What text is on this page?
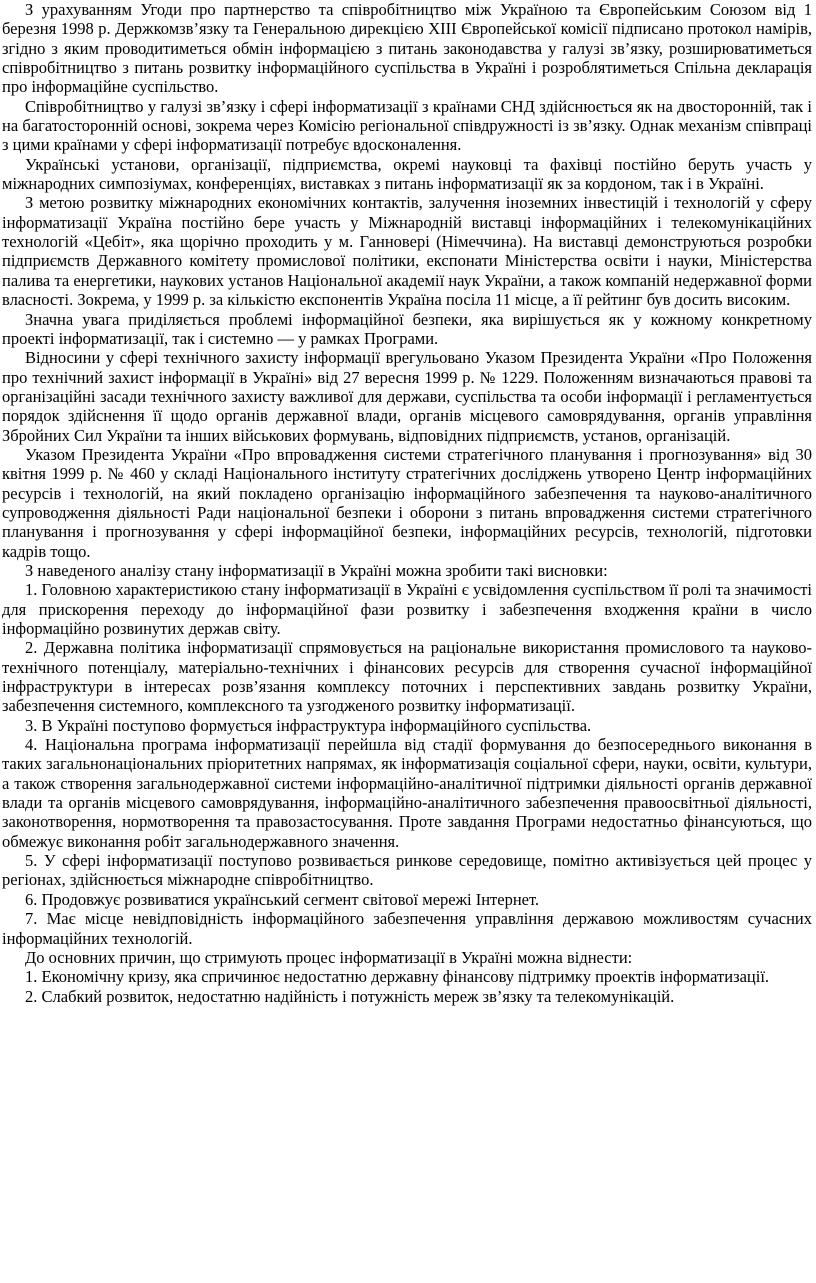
З урахуванням Угоди про партнерство та співробітництво між Україною та Європейським Союзом від 1 березня 1998 р. Держкомзв’язку та Генеральною дирекцією XIII Європейської комісії підписано протокол намірів, згідно з яким проводитиметься обмін інформацією з питань законодавства у галузі зв’язку, розширюватиметься співробітництво з питань розвитку інформаційного суспільства в Україні і розроблятиметься Спільна декларація про інформаційне суспільство.

Співробітництво у галузі зв’язку і сфері інформатизації з країнами СНД здійснюється як на двосторонній, так і на багатосторонній основі, зокрема через Комісію регіональної співдружності із зв’язку. Однак механізм співпраці з цими країнами у сфері інформатизації потребує вдосконалення.

Українські установи, організації, підприємства, окремі науковці та фахівці постійно беруть участь у міжнародних симпозіумах, конференціях, виставках з питань інформатизації як за кордоном, так і в Україні.

З метою розвитку міжнародних економічних контактів, залучення іноземних інвестицій і технологій у сферу інформатизації Україна постійно бере участь у Міжнародній виставці інформаційних і телекомунікаційних технологій «Цебіт», яка щорічно проходить у м. Ганновері (Німеччина). На виставці демонструються розробки підприємств Державного комітету промислової політики, експонати Міністерства освіти і науки, Міністерства палива та енергетики, наукових установ Національної академії наук України, а також компаній недержавної форми власності. Зокрема, у 1999 р. за кількістю експонентів Україна посіла 11 місце, а її рейтинг був досить високим.

Значна увага приділяється проблемі інформаційної безпеки, яка вирішується як у кожному конкретному проекті інформатизації, так і системно — у рамках Програми.

Відносини у сфері технічного захисту інформації врегульовано Указом Президента України «Про Положення про технічний захист інформації в Україні» від 27 вересня 1999 р. № 1229. Положенням визначаються правові та організаційні засади технічного захисту важливої для держави, суспільства та особи інформації і регламентується порядок здійснення її щодо органів державної влади, органів місцевого самоврядування, органів управління Збройних Сил України та інших військових формувань, відповідних підприємств, установ, організацій.

Указом Президента України «Про впровадження системи стратегічного планування і прогнозування» від 30 квітня 1999 р. № 460 у складі Національного інституту стратегічних досліджень утворено Центр інформаційних ресурсів і технологій, на який покладено організацію інформаційного забезпечення та науково-аналітичного супроводження діяльності Ради національної безпеки і оборони з питань впровадження системи стратегічного планування і прогнозування у сфері інформаційної безпеки, інформаційних ресурсів, технологій, підготовки кадрів тощо.

З наведеного аналізу стану інформатизації в Україні можна зробити такі висновки:

1. Головною характеристикою стану інформатизації в Україні є усвідомлення суспільством її ролі та значимості для прискорення переходу до інформаційної фази розвитку і забезпечення входження країни в число інформаційно розвинутих держав світу.

2. Державна політика інформатизації спрямовується на раціональне використання промислового та науково-технічного потенціалу, матеріально-технічних і фінансових ресурсів для створення сучасної інформаційної інфраструктури в інтересах розв’язання комплексу поточних і перспективних завдань розвитку України, забезпечення системного, комплексного та узгодженого розвитку інформатизації.

3. В Україні поступово формується інфраструктура інформаційного суспільства.

4. Національна програма інформатизації перейшла від стадії формування до безпосереднього виконання в таких загальнонаціональних пріоритетних напрямах, як інформатизація соціальної сфери, науки, освіти, культури, а також створення загальнодержавної системи інформаційно-аналітичної підтримки діяльності органів державної влади та органів місцевого самоврядування, інформаційно-аналітичного забезпечення правоосвітньої діяльності, законотворення, нормотворення та правозастосування. Проте завдання Програми недостатньо фінансуються, що обмежує виконання робіт загальнодержавного значення.

5. У сфері інформатизації поступово розвивається ринкове середовище, помітно активізується цей процес у регіонах, здійснюється міжнародне співробітництво.

6. Продовжує розвиватися український сегмент світової мережі Інтернет.

7. Має місце невідповідність інформаційного забезпечення управління державою можливостям сучасних інформаційних технологій.

До основних причин, що стримують процес інформатизації в Україні можна віднести:

1. Економічну кризу, яка спричинює недостатню державну фінансову підтримку проектів інформатизації.

2. Слабкий розвиток, недостатню надійність і потужність мереж зв’язку та телекомунікацій.
